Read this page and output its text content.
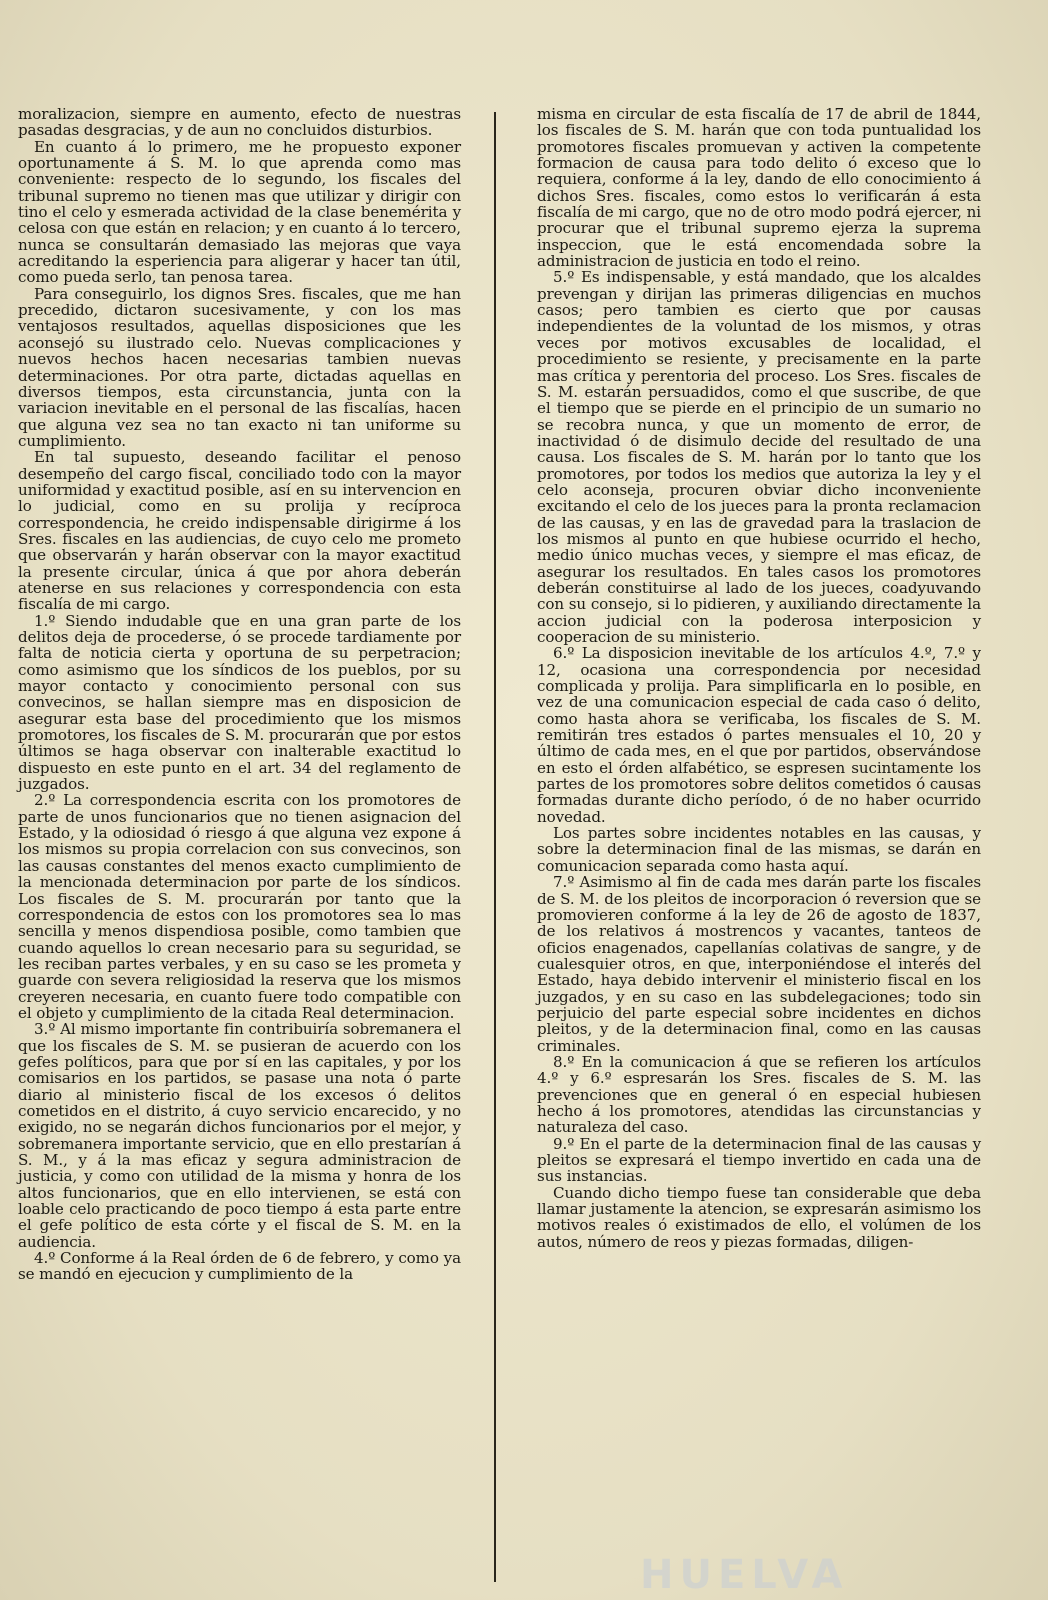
moralizacion, siempre en aumento, efecto de nuestras pasadas desgracias, y de aun no concluidos disturbios.

En cuanto á lo primero, me he propuesto exponer oportunamente á S. M. lo que aprenda como mas conveniente: respecto de lo segundo, los fiscales del tribunal supremo no tienen mas que utilizar y dirigir con tino el celo y esmerada actividad de la clase benemérita y celosa con que están en relacion; y en cuanto á lo tercero, nunca se consultarán demasiado las mejoras que vaya acreditando la esperiencia para aligerar y hacer tan útil, como pueda serlo, tan penosa tarea.

Para conseguirlo, los dignos Sres. fiscales, que me han precedido, dictaron sucesivamente, y con los mas ventajosos resultados, aquellas disposiciones que les aconsejó su ilustrado celo. Nuevas complicaciones y nuevos hechos hacen necesarias tambien nuevas determinaciones. Por otra parte, dictadas aquellas en diversos tiempos, esta circunstancia, junta con la variacion inevitable en el personal de las fiscalías, hacen que alguna vez sea no tan exacto ni tan uniforme su cumplimiento.

En tal supuesto, deseando facilitar el penoso desempeño del cargo fiscal, conciliado todo con la mayor uniformidad y exactitud posible, así en su intervencion en lo judicial, como en su prolija y recíproca correspondencia, he creido indispensable dirigirme á los Sres. fiscales en las audiencias, de cuyo celo me prometo que observarán y harán observar con la mayor exactitud la presente circular, única á que por ahora deberán atenerse en sus relaciones y correspondencia con esta fiscalía de mi cargo.

1.º Siendo indudable que en una gran parte de los delitos deja de procederse, ó se procede tardiamente por falta de noticia cierta y oportuna de su perpetracion; como asimismo que los síndicos de los pueblos, por su mayor contacto y conocimiento personal con sus convecinos, se hallan siempre mas en disposicion de asegurar esta base del procedimiento que los mismos promotores, los fiscales de S. M. procurarán que por estos últimos se haga observar con inalterable exactitud lo dispuesto en este punto en el art. 34 del reglamento de juzgados.

2.º La correspondencia escrita con los promotores de parte de unos funcionarios que no tienen asignacion del Estado, y la odiosidad ó riesgo á que alguna vez expone á los mismos su propia correlacion con sus convecinos, son las causas constantes del menos exacto cumplimiento de la mencionada determinacion por parte de los síndicos. Los fiscales de S. M. procurarán por tanto que la correspondencia de estos con los promotores sea lo mas sencilla y menos dispendiosa posible, como tambien que cuando aquellos lo crean necesario para su seguridad, se les reciban partes verbales, y en su caso se les prometa y guarde con severa religiosidad la reserva que los mismos creyeren necesaria, en cuanto fuere todo compatible con el objeto y cumplimiento de la citada Real determinacion.

3.º Al mismo importante fin contribuiría sobremanera el que los fiscales de S. M. se pusieran de acuerdo con los gefes políticos, para que por sí en las capitales, y por los comisarios en los partidos, se pasase una nota ó parte diario al ministerio fiscal de los excesos ó delitos cometidos en el distrito, á cuyo servicio encarecido, y no exigido, no se negarán dichos funcionarios por el mejor, y sobremanera importante servicio, que en ello prestarían á S. M., y á la mas eficaz y segura administracion de justicia, y como con utilidad de la misma y honra de los altos funcionarios, que en ello intervienen, se está con loable celo practicando de poco tiempo á esta parte entre el gefe político de esta córte y el fiscal de S. M. en la audiencia.

4.º Conforme á la Real órden de 6 de febrero, y como ya se mandó en ejecucion y cumplimiento de la

misma en circular de esta fiscalía de 17 de abril de 1844, los fiscales de S. M. harán que con toda puntualidad los promotores fiscales promuevan y activen la competente formacion de causa para todo delito ó exceso que lo requiera, conforme á la ley, dando de ello conocimiento á dichos Sres. fiscales, como estos lo verificarán á esta fiscalía de mi cargo, que no de otro modo podrá ejercer, ni procurar que el tribunal supremo ejerza la suprema inspeccion, que le está encomendada sobre la administracion de justicia en todo el reino.

5.º Es indispensable, y está mandado, que los alcaldes prevengan y dirijan las primeras diligencias en muchos casos; pero tambien es cierto que por causas independientes de la voluntad de los mismos, y otras veces por motivos excusables de localidad, el procedimiento se resiente, y precisamente en la parte mas crítica y perentoria del proceso. Los Sres. fiscales de S. M. estarán persuadidos, como el que suscribe, de que el tiempo que se pierde en el principio de un sumario no se recobra nunca, y que un momento de error, de inactividad ó de disimulo decide del resultado de una causa. Los fiscales de S. M. harán por lo tanto que los promotores, por todos los medios que autoriza la ley y el celo aconseja, procuren obviar dicho inconveniente excitando el celo de los jueces para la pronta reclamacion de las causas, y en las de gravedad para la traslacion de los mismos al punto en que hubiese ocurrido el hecho, medio único muchas veces, y siempre el mas eficaz, de asegurar los resultados. En tales casos los promotores deberán constituirse al lado de los jueces, coadyuvando con su consejo, si lo pidieren, y auxiliando directamente la accion judicial con la poderosa interposicion y cooperacion de su ministerio.

6.º La disposicion inevitable de los artículos 4.º, 7.º y 12, ocasiona una correspondencia por necesidad complicada y prolija. Para simplificarla en lo posible, en vez de una comunicacion especial de cada caso ó delito, como hasta ahora se verificaba, los fiscales de S. M. remitirán tres estados ó partes mensuales el 10, 20 y último de cada mes, en el que por partidos, observándose en esto el órden alfabético, se espresen sucintamente los partes de los promotores sobre delitos cometidos ó causas formadas durante dicho período, ó de no haber ocurrido novedad.

Los partes sobre incidentes notables en las causas, y sobre la determinacion final de las mismas, se darán en comunicacion separada como hasta aquí.

7.º Asimismo al fin de cada mes darán parte los fiscales de S. M. de los pleitos de incorporacion ó reversion que se promovieren conforme á la ley de 26 de agosto de 1837, de los relativos á mostrencos y vacantes, tanteos de oficios enagenados, capellanías colativas de sangre, y de cualesquier otros, en que, interponiéndose el interés del Estado, haya debido intervenir el ministerio fiscal en los juzgados, y en su caso en las subdelegaciones; todo sin perjuicio del parte especial sobre incidentes en dichos pleitos, y de la determinacion final, como en las causas criminales.

8.º En la comunicacion á que se refieren los artículos 4.º y 6.º espresarán los Sres. fiscales de S. M. las prevenciones que en general ó en especial hubiesen hecho á los promotores, atendidas las circunstancias y naturaleza del caso.

9.º En el parte de la determinacion final de las causas y pleitos se expresará el tiempo invertido en cada una de sus instancias.

Cuando dicho tiempo fuese tan considerable que deba llamar justamente la atencion, se expresarán asimismo los motivos reales ó existimados de ello, el volúmen de los autos, número de reos y piezas formadas, diligen-

HUELVA
